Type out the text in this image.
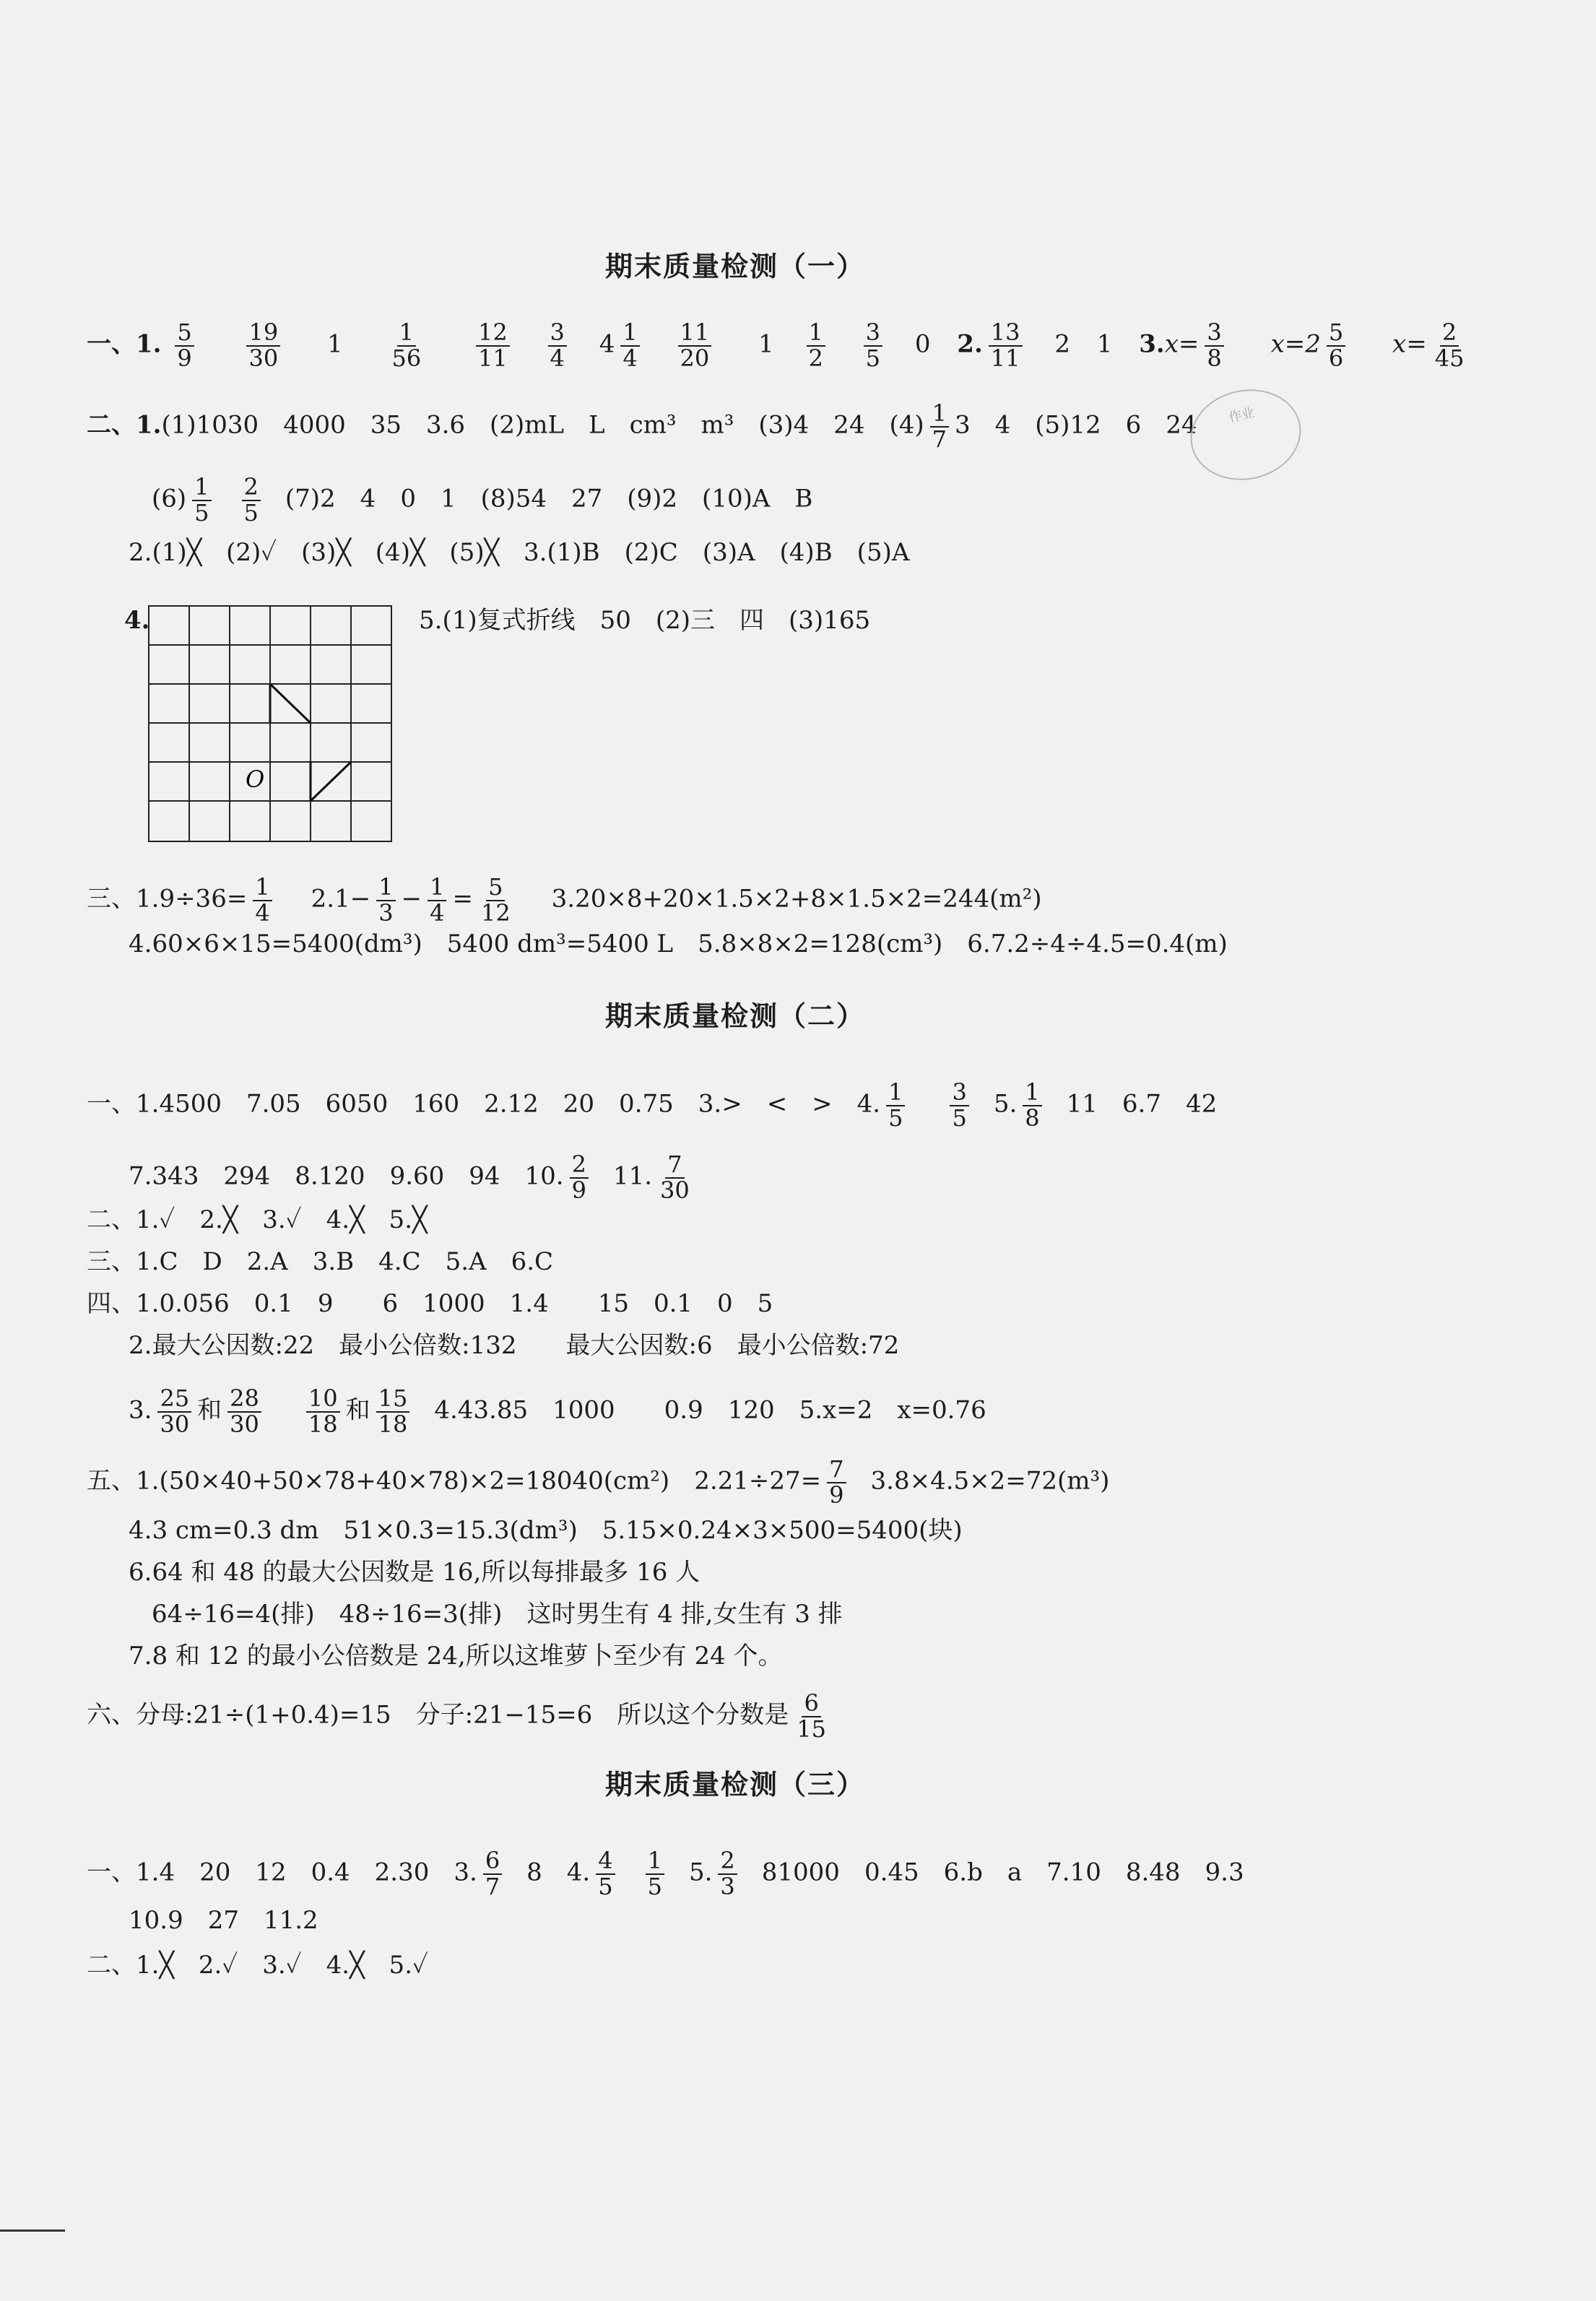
期末质量检测（一）
一、1. $\frac{5}{9}$
$\frac{19}{30} 1 \frac{1}{56}$
$\frac{12}{11}$
$\frac{3}{4} 4 \frac{1}{4}$
$\frac{11}{20} 1 \frac{1}{2}$
$\frac{3}{5} 0$ 2. $\frac{13}{11} 2$ 1 $3.x= \frac{3}{8} x=2 \frac{5}{6} x= \frac{2}{45}$
二、1.(1)1030　4000　35　3.6　(2)mL　L　cm³　m³　(3)4　24　$(4) \frac{1}{7} 3$　4　(5)12　6　24	作业
$(6) \frac{1}{5} \frac{2}{5} (7)2$　4　0　1　(8)54　27　(9)2　(10)A　B
2.(1)╳　(2)✓　(3)╳　(4)╳　(5)╳　3.(1)B　(2)C　(3)A　(4)B　(5)A
4.	5.(1)复式折线　50　(2)三　四　(3)165
O
三、$1.9\div 36= \frac{1}{4} 2.1- \frac{1}{3} - \frac{1}{4} = \frac{5}{12} 3.20\times 8+20\times 1.5\times 2+8\times 1.5\times 2=244(m^2)$
4.60×6×15=5400(dm³)　5400 dm³=5400 L　5.8×8×2=128(cm³)　6.7.2÷4÷4.5=0.4(m)
期末质量检测（二）
一、1.4500　7.05　6050　160　2.12　20　0.75　3.>　<　>　4. $\frac{1}{5} \frac{3}{5} 5$. $\frac{1}{8} 11$　6.7　42
7.343　294　8.120　9.60　94　10. $\frac{2}{9} 11$. $\frac{7}{30}$
二、1.✓　2.╳　3.✓　4.╳　5.╳
三、1.C　D　2.A　3.B　4.C　5.A　6.C
四、1.0.056　0.1　9　　6　1000　1.4　　15　0.1　0　5
2.最大公因数:22　最小公倍数:132　　最大公因数:6　最小公倍数:72
3. $\frac{25}{30}$ 和 $\frac{28}{30} \frac{10}{18}$ 和 $\frac{15}{18} 4.43.85$　1000　　0.9　120　5.x=2　x=0.76
五、1.(50×40+50×78+40×78)×2=18040(cm²)　$2.21\div 27= \frac{7}{9} 3.8\times 4.5\times 2=72(m^3)$
4.3 cm=0.3 dm　51×0.3=15.3(dm³)　5.15×0.24×3×500=5400(块)
6.64 和 48 的最大公因数是 16,所以每排最多 16 人
64÷16=4(排)　48÷16=3(排)　这时男生有 4 排,女生有 3 排
7.8 和 12 的最小公倍数是 24,所以这堆萝卜至少有 24 个。
六、分母:21÷(1+0.4)=15　分子:21−15=6　所以这个分数是 $\frac{6}{15}$
期末质量检测（三）
一、1.4　20　12　0.4　2.30　3. $\frac{6}{7} 8$　4. $\frac{4}{5} \frac{1}{5} 5$. $\frac{2}{3} 81000$　0.45　6.b　a　7.10　8.48　9.3
10.9　27　11.2
二、1.╳　2.✓　3.✓　4.╳　5.✓
